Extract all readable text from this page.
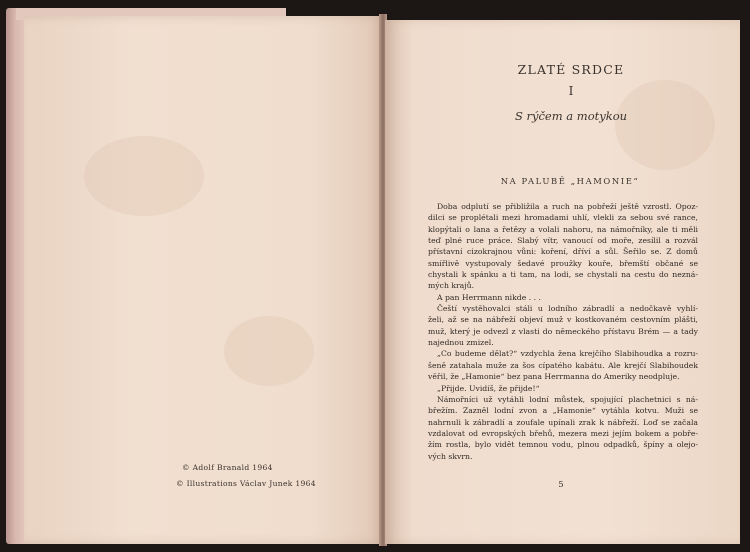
© Adolf Branald 1964
© Illustrations Václav Junek 1964
ZLATÉ SRDCE
I
S rýčem a motykou
NA PALUBĚ „HAMONIE“
Doba odplutí se přibližila a ruch na pobřeží ještě vzrostl. Opoz-
dilci se proplétali mezi hromadami uhlí, vlekli za sebou své rance,
klopýtali o lana a řetězy a volali nahoru, na námořníky, ale ti měli
teď plné ruce práce. Slabý vítr, vanoucí od moře, zesílil a rozvál
přístavní cizokrajnou vůni: koření, dříví a sůl. Šeřilo se. Z domů
smířlivě vystupovaly šedavé proužky kouře, břemští občané se
chystali k spánku a ti tam, na lodi, se chystali na cestu do nezná-
mých krajů.
A pan Herrmann nikde . . .
Čeští vystěhovalci stáli u lodního zábradlí a nedočkavě vyhlí-
želi, až se na nábřeží objeví muž v kostkovaném cestovním plášti,
muž, který je odvezl z vlasti do německého přístavu Brém — a tady
najednou zmizel.
„Co budeme dělat?“ vzdychla žena krejčího Slabihoudka a rozru-
šeně zatahala muže za šos cípatého kabátu. Ale krejčí Slabihoudek
věřil, že „Hamonie“ bez pana Herrmanna do Ameriky neodpluje.
„Přijde. Uvidíš, že přijde!“
Námořníci už vytáhli lodní můstek, spojující plachetnici s ná-
břežím. Zazněl lodní zvon a „Hamonie“ vytáhla kotvu. Muži se
nahrnuli k zábradlí a zoufale upínali zrak k nábřeží. Loď se začala
vzdalovat od evropských břehů, mezera mezi jejím bokem a pobře-
žím rostla, bylo vidět temnou vodu, plnou odpadků, špíny a olejo-
vých skvrn.
5
